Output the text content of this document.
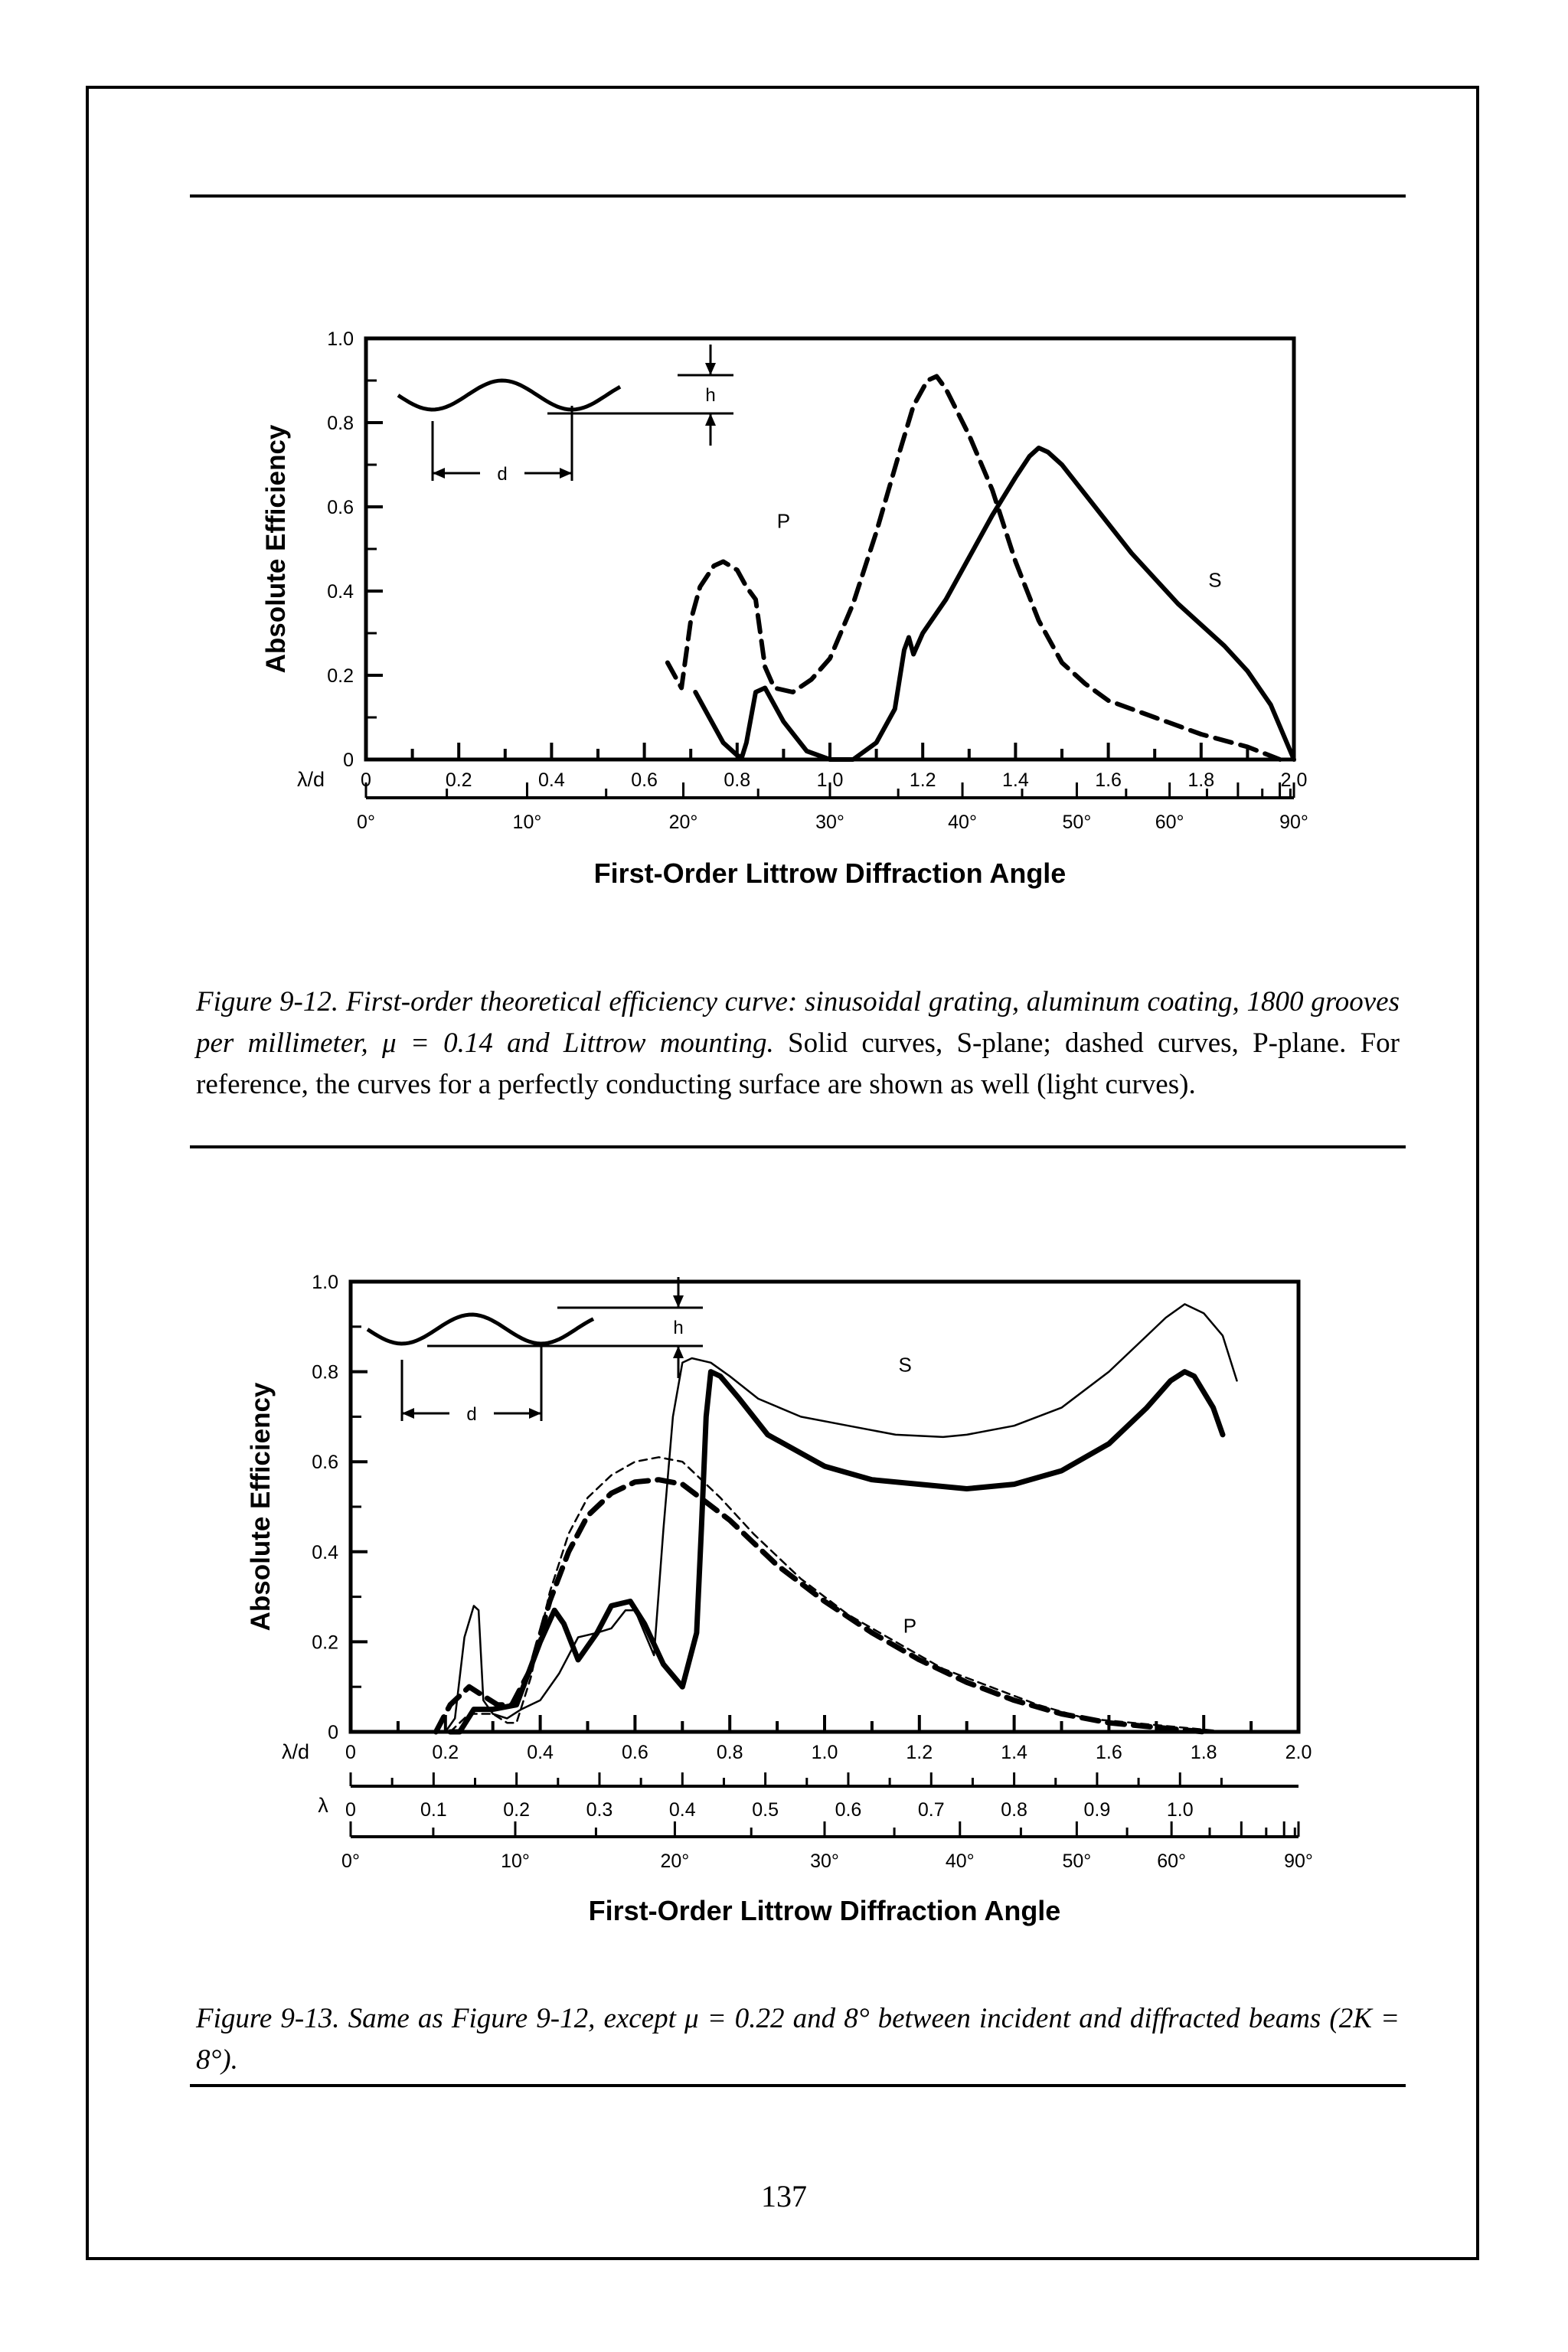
0
0.2
0.4
0.6
0.8
1.0
Absolute Efficiency
λ/d 0	0.2	0.4	0.6	0.8	1.0	1.2	1.4	1.6	1.8	2.0
0°	10°	20°	30°	40°	50°	60°	90°
First-Order Littrow Diffraction Angle
P
S
d
h
Figure 9-12. First-order theoretical efficiency curve: sinusoidal grating, aluminum coating, 1800 grooves per millimeter, μ = 0.14 and Littrow mounting. Solid curves, S-plane; dashed curves, P-plane. For reference, the curves for a perfectly conducting surface are shown as well (light curves).
0
0.2
0.4
0.6
0.8
1.0
Absolute Efficiency
λ/d 0	0.2	0.4	0.6	0.8	1.0	1.2	1.4	1.6	1.8	2.0
λ 0	0.1	0.2	0.3	0.4	0.5	0.6	0.7	0.8	0.9	1.0
0°	10°	20°	30°	40°	50°	60°	90°
First-Order Littrow Diffraction Angle
S
P
d
h
Figure 9-13. Same as Figure 9-12, except μ = 0.22 and 8° between incident and diffracted beams (2K = 8°).
137
